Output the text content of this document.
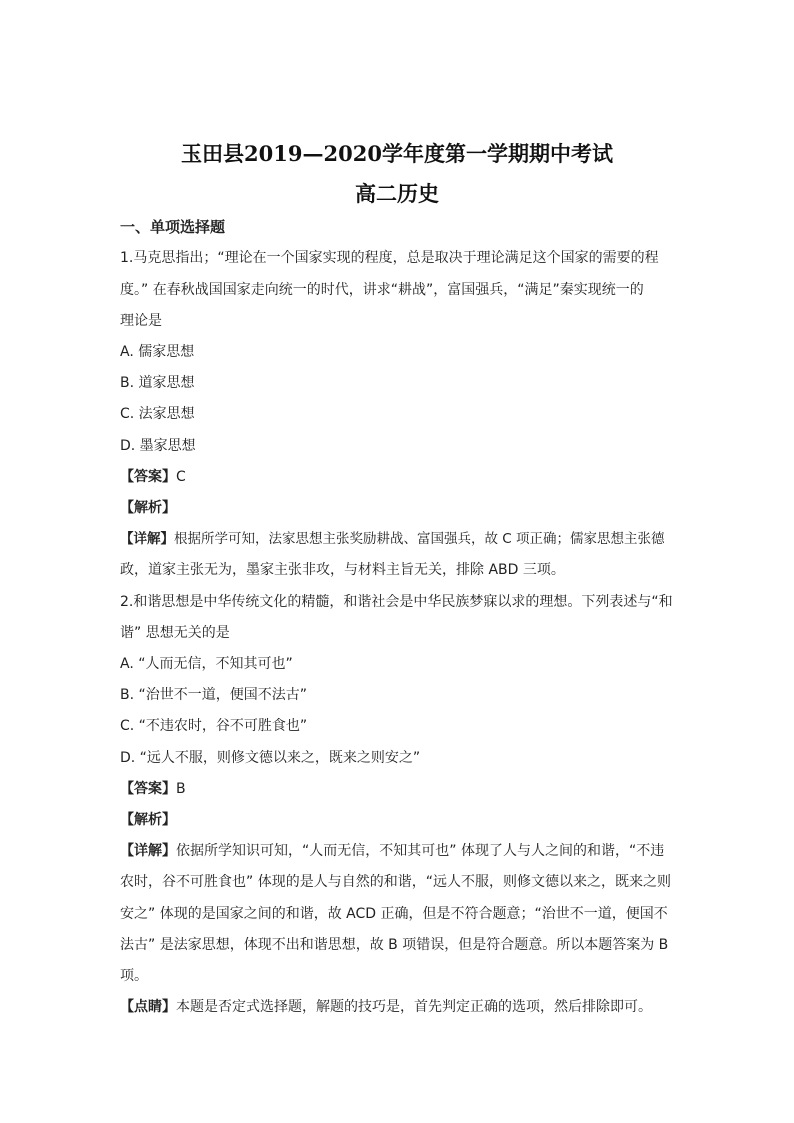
玉田县2019—2020学年度第一学期期中考试
高二历史
一、单项选择题
1.马克思指出；“理论在一个国家实现的程度，总是取决于理论满足这个国家的需要的程
度。” 在春秋战国国家走向统一的时代，讲求“耕战”，富国强兵，“满足”秦实现统一的
理论是
A. 儒家思想
B. 道家思想
C. 法家思想
D. 墨家思想
【答案】C
【解析】
【详解】根据所学可知，法家思想主张奖励耕战、富国强兵，故 C 项正确；儒家思想主张德
政，道家主张无为，墨家主张非攻，与材料主旨无关，排除 ABD 三项。
2.和谐思想是中华传统文化的精髓，和谐社会是中华民族梦寐以求的理想。下列表述与“和
谐” 思想无关的是
A. “人而无信，不知其可也”
B. “治世不一道，便国不法古”
C. “不违农时，谷不可胜食也”
D. “远人不服，则修文德以来之，既来之则安之”
【答案】B
【解析】
【详解】依据所学知识可知，“人而无信，不知其可也” 体现了人与人之间的和谐，“不违
农时，谷不可胜食也” 体现的是人与自然的和谐，“远人不服，则修文德以来之，既来之则
安之” 体现的是国家之间的和谐，故 ACD 正确，但是不符合题意；“治世不一道，便国不
法古” 是法家思想，体现不出和谐思想，故 B 项错误，但是符合题意。所以本题答案为 B
项。
【点睛】本题是否定式选择题，解题的技巧是，首先判定正确的选项，然后排除即可。
